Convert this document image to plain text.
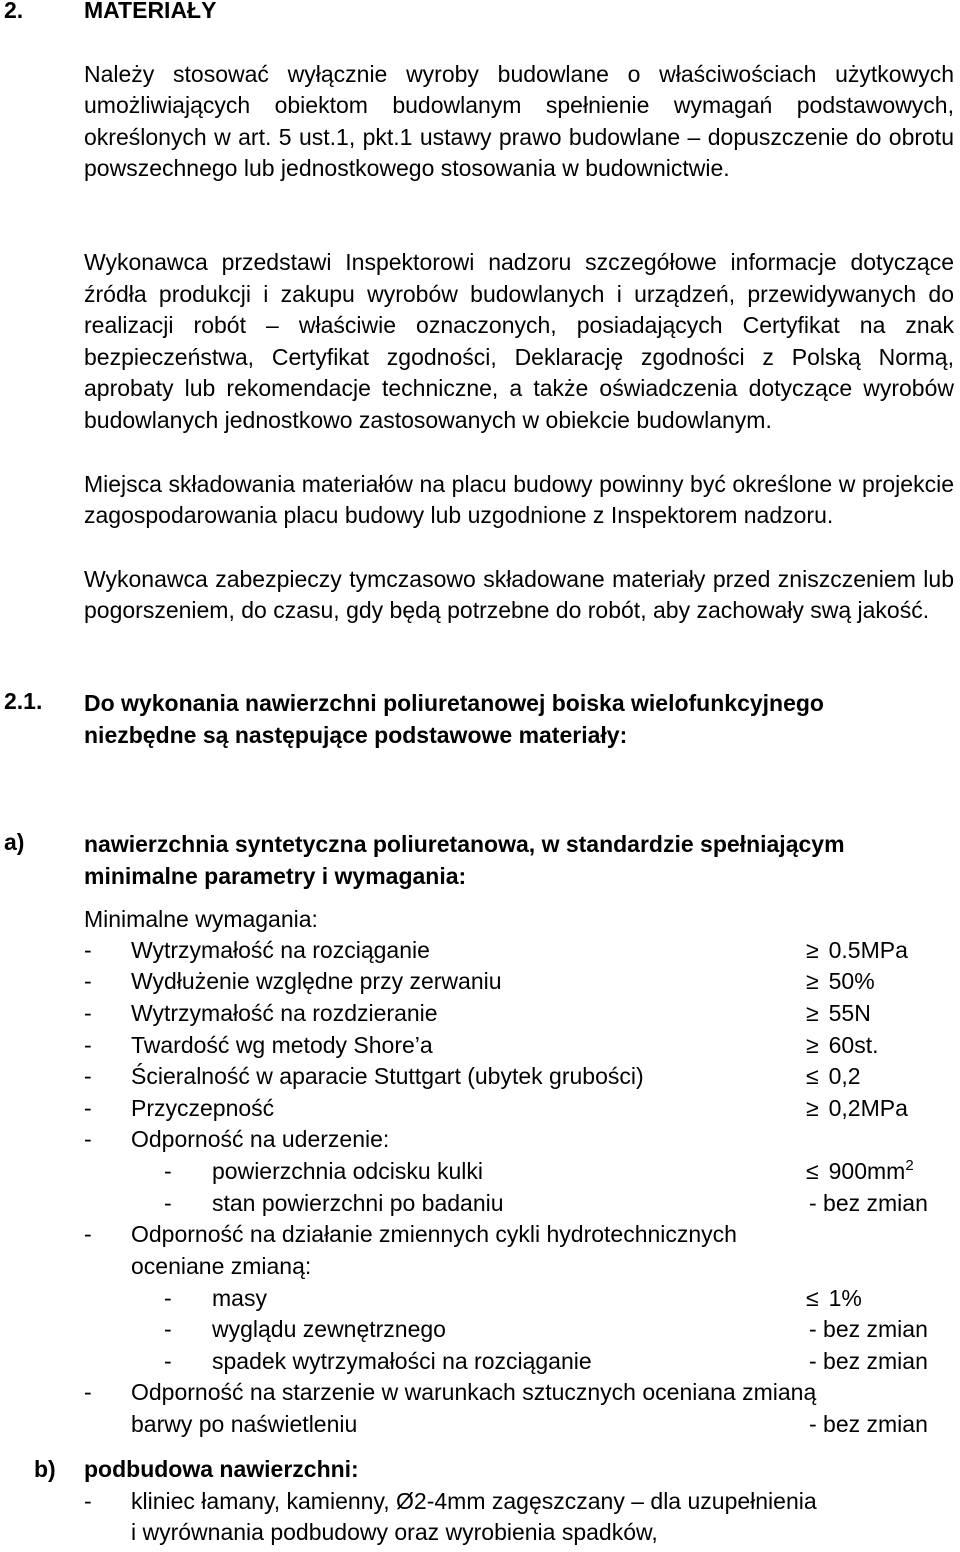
2.	MATERIAŁY

Należy stosować wyłącznie wyroby budowlane o właściwościach użytkowych umożliwiających obiektom budowlanym spełnienie wymagań podstawowych, określonych w art. 5 ust.1, pkt.1 ustawy prawo budowlane – dopuszczenie do obrotu powszechnego lub jednostkowego stosowania w budownictwie.

Wykonawca przedstawi Inspektorowi nadzoru szczegółowe informacje dotyczące źródła produkcji i zakupu wyrobów budowlanych i urządzeń, przewidywanych do realizacji robót – właściwie oznaczonych, posiadających Certyfikat na znak bezpieczeństwa, Certyfikat zgodności, Deklarację zgodności z Polską Normą, aprobaty lub rekomendacje techniczne, a także oświadczenia dotyczące wyrobów budowlanych jednostkowo zastosowanych w obiekcie budowlanym.

Miejsca składowania materiałów na placu budowy powinny być określone w projekcie zagospodarowania placu budowy lub uzgodnione z Inspektorem nadzoru.

Wykonawca zabezpieczy tymczasowo składowane materiały przed zniszczeniem lub pogorszeniem, do czasu, gdy będą potrzebne do robót, aby zachowały swą jakość.

2.1. Do wykonania nawierzchni poliuretanowej boiska wielofunkcyjnego niezbędne są następujące podstawowe materiały:

a)	nawierzchnia syntetyczna poliuretanowa, w standardzie spełniającym minimalne parametry i wymagania:

Minimalne wymagania:
- Wytrzymałość na rozciąganie	≥ 0.5MPa
- Wydłużenie względne przy zerwaniu	≥ 50%
- Wytrzymałość na rozdzieranie	≥ 55N
- Twardość wg metody Shore’a	≥ 60st.
- Ścieralność w aparacie Stuttgart (ubytek grubości)	≤ 0,2
- Przyczepność	≥ 0,2MPa
- Odporność na uderzenie:
- powierzchnia odcisku kulki	≤ $900mm^2$
- stan powierzchni po badaniu	- bez zmian
- Odporność na działanie zmiennych cykli hydrotechnicznych
oceniane zmianą:
- masy	≤ 1%
- wyglądu zewnętrznego	- bez zmian
- spadek wytrzymałości na rozciąganie	- bez zmian
- Odporność na starzenie w warunkach sztucznych oceniana zmianą
barwy po naświetleniu	- bez zmian
b) podbudowa nawierzchni:
- kliniec łamany, kamienny, Ø2-4mm zagęszczany – dla uzupełnienia
i wyrównania podbudowy oraz wyrobienia spadków,
